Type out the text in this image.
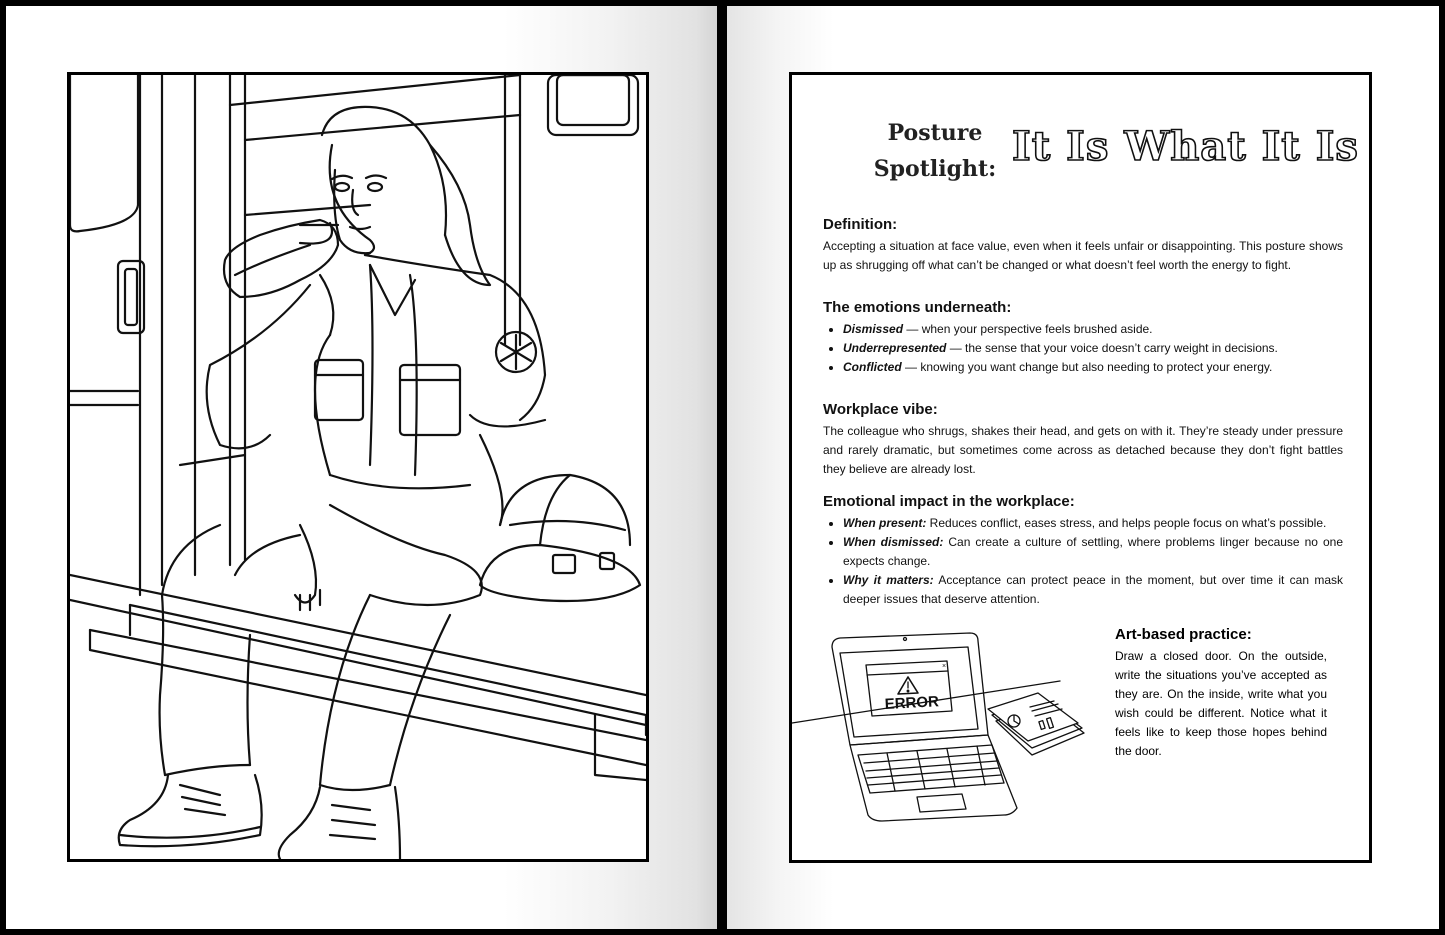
Posture
Spotlight: It Is What It Is
Definition:

Accepting a situation at face value, even when it feels unfair or disappointing. This posture shows up as shrugging off what can’t be changed or what doesn’t feel worth the energy to fight.

The emotions underneath:
• Dismissed — when your perspective feels brushed aside.
• Underrepresented — the sense that your voice doesn’t carry weight in decisions.
• Conflicted — knowing you want change but also needing to protect your energy.
Workplace vibe:

The colleague who shrugs, shakes their head, and gets on with it. They’re steady under pressure and rarely dramatic, but sometimes come across as detached because they don’t fight battles they believe are already lost.

Emotional impact in the workplace:
• When present: Reduces conflict, eases stress, and helps people focus on what’s possible.
• When dismissed: Can create a culture of settling, where problems linger because no one expects change.
• Why it matters: Acceptance can protect peace in the moment, but over time it can mask deeper issues that deserve attention.
ERROR
×
Art-based practice:

Draw a closed door. On the outside, write the situations you’ve accepted as they are. On the inside, write what you wish could be different. Notice what it feels like to keep those hopes behind the door.
